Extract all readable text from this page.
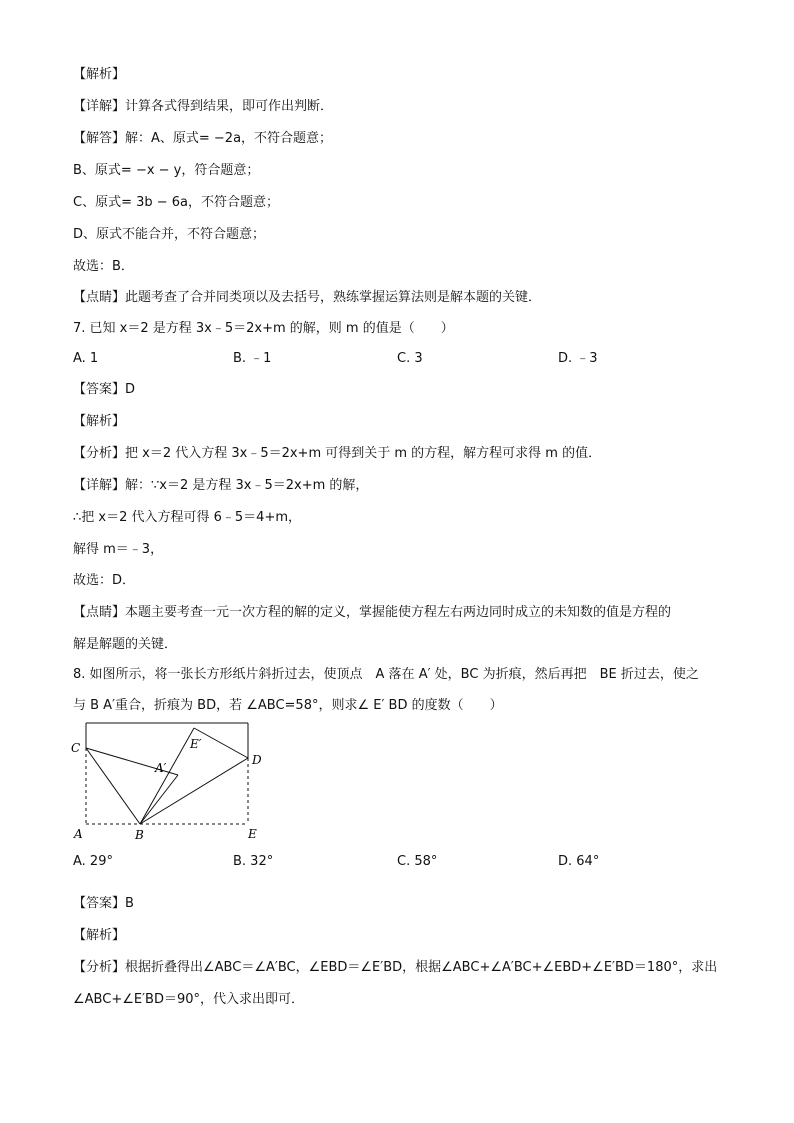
【解析】
【详解】计算各式得到结果，即可作出判断．
【解答】解：A、原式= −2a，不符合题意；
B、原式= −x − y，符合题意；
C、原式= 3b − 6a，不符合题意；
D、原式不能合并，不符合题意；
故选：B．
【点睛】此题考查了合并同类项以及去括号，熟练掌握运算法则是解本题的关键．
7. 已知 x＝2 是方程 3x﹣5＝2x+m 的解，则 m 的值是（　　）
A. 1	B. ﹣1	C. 3	D. ﹣3
【答案】D
【解析】
【分析】把 x＝2 代入方程 3x﹣5＝2x+m 可得到关于 m 的方程，解方程可求得 m 的值．
【详解】解：∵x＝2 是方程 3x﹣5＝2x+m 的解，
∴把 x＝2 代入方程可得 6﹣5＝4+m，
解得 m＝﹣3，
故选：D．
【点睛】本题主要考查一元一次方程的解的定义，掌握能使方程左右两边同时成立的未知数的值是方程的
解是解题的关键．
8. 如图所示，将一张长方形纸片斜折过去，使顶点　A 落在 A′ 处，BC 为折痕，然后再把　BE 折过去，使之
与 B A′重合，折痕为 BD，若 ∠ABC=58°，则求∠ E′ BD 的度数（　　）
C
A′
E′
D
A	B	E
A. 29°	B. 32°	C. 58°	D. 64°
【答案】B
【解析】
【分析】根据折叠得出∠ABC＝∠A′BC，∠EBD＝∠E′BD，根据∠ABC+∠A′BC+∠EBD+∠E′BD＝180°，求出
∠ABC+∠E′BD＝90°，代入求出即可．
